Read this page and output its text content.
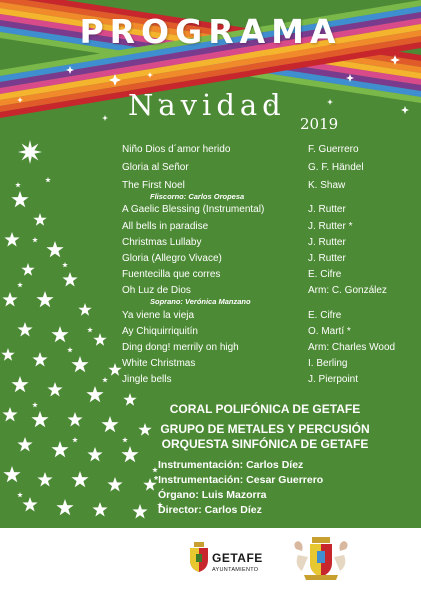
PROGRAMA
Navidad
2019
Niño Dios d´amor herido	F. Guerrero
Gloria al Señor	G. F. Händel
The First Noel	K. Shaw
Fliscorno: Carlos Oropesa
A Gaelic Blessing (Instrumental)	J. Rutter
All bells in paradise	J. Rutter *
Christmas Lullaby	J. Rutter
Gloria (Allegro Vivace)	J. Rutter
Fuentecilla que corres	E. Cifre
Oh Luz de Dios	Arm: C. González
Soprano: Verónica Manzano
Ya viene la vieja	E. Cifre
Ay Chiquirriquitín	O. Martí *
Ding dong! merrily on high	Arm: Charles Wood
White Christmas	I. Berling
Jingle bells	J. Pierpoint
CORAL POLIFÓNICA DE GETAFE
GRUPO DE METALES Y PERCUSIÓN
ORQUESTA SINFÓNICA DE GETAFE
Instrumentación: Carlos Díez
*Instrumentación: Cesar Guerrero
Órgano: Luis Mazorra
Director: Carlos Díez
GETAFE
AYUNTAMIENTO
